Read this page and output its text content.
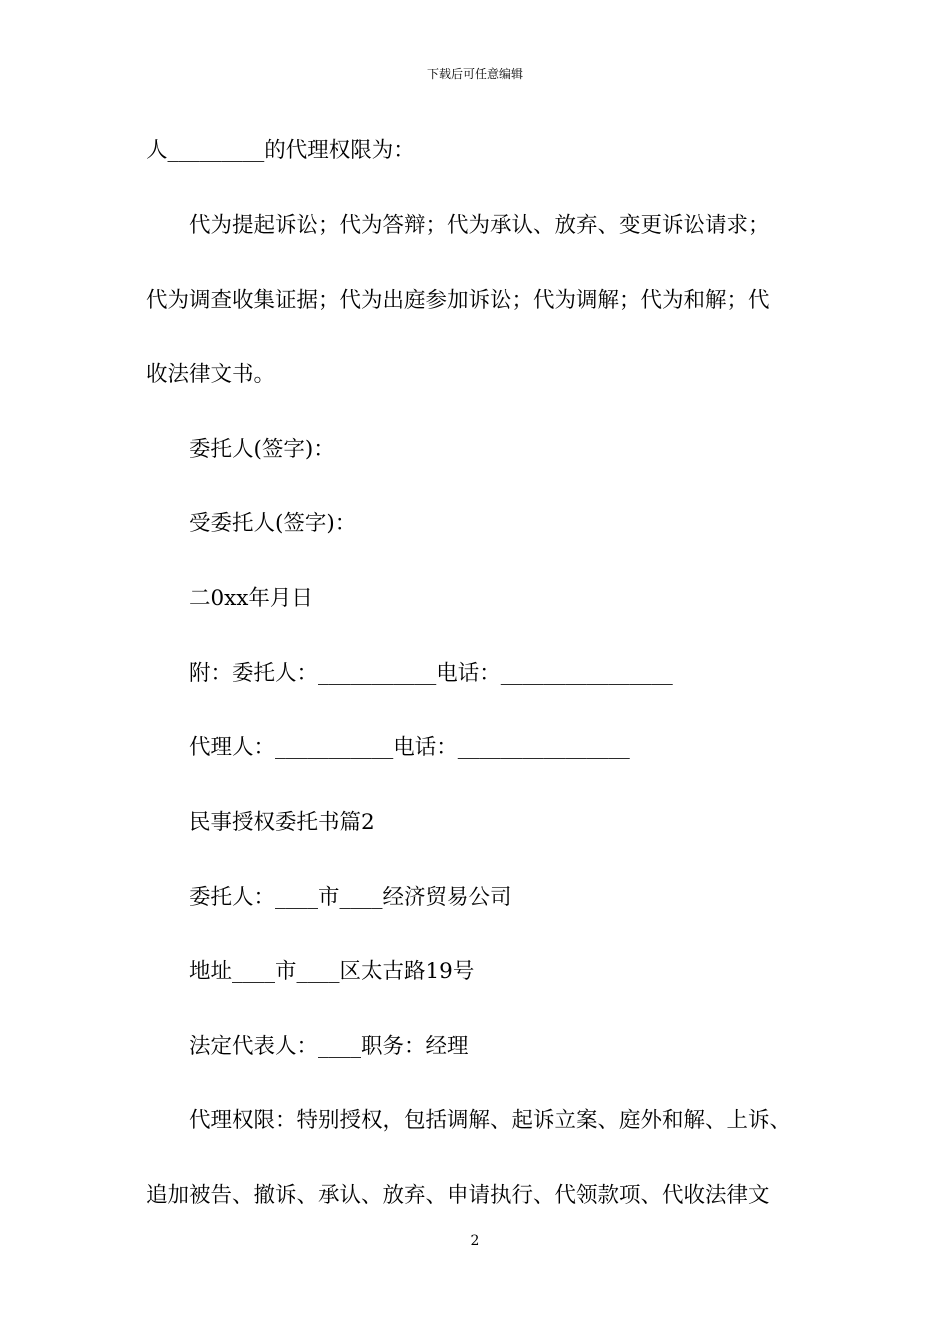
下载后可任意编辑
人_________的代理权限为：
代为提起诉讼；代为答辩；代为承认、放弃、变更诉讼请求；
代为调查收集证据；代为出庭参加诉讼；代为调解；代为和解；代
收法律文书。
委托人(签字)：
受委托人(签字)：
二0xx年月日
附：委托人：___________电话：________________
代理人：___________电话：________________
民事授权委托书篇2
委托人：____市____经济贸易公司
地址____市____区太古路19号
法定代表人：____职务：经理
代理权限：特别授权，包括调解、起诉立案、庭外和解、上诉、
追加被告、撤诉、承认、放弃、申请执行、代领款项、代收法律文
2
